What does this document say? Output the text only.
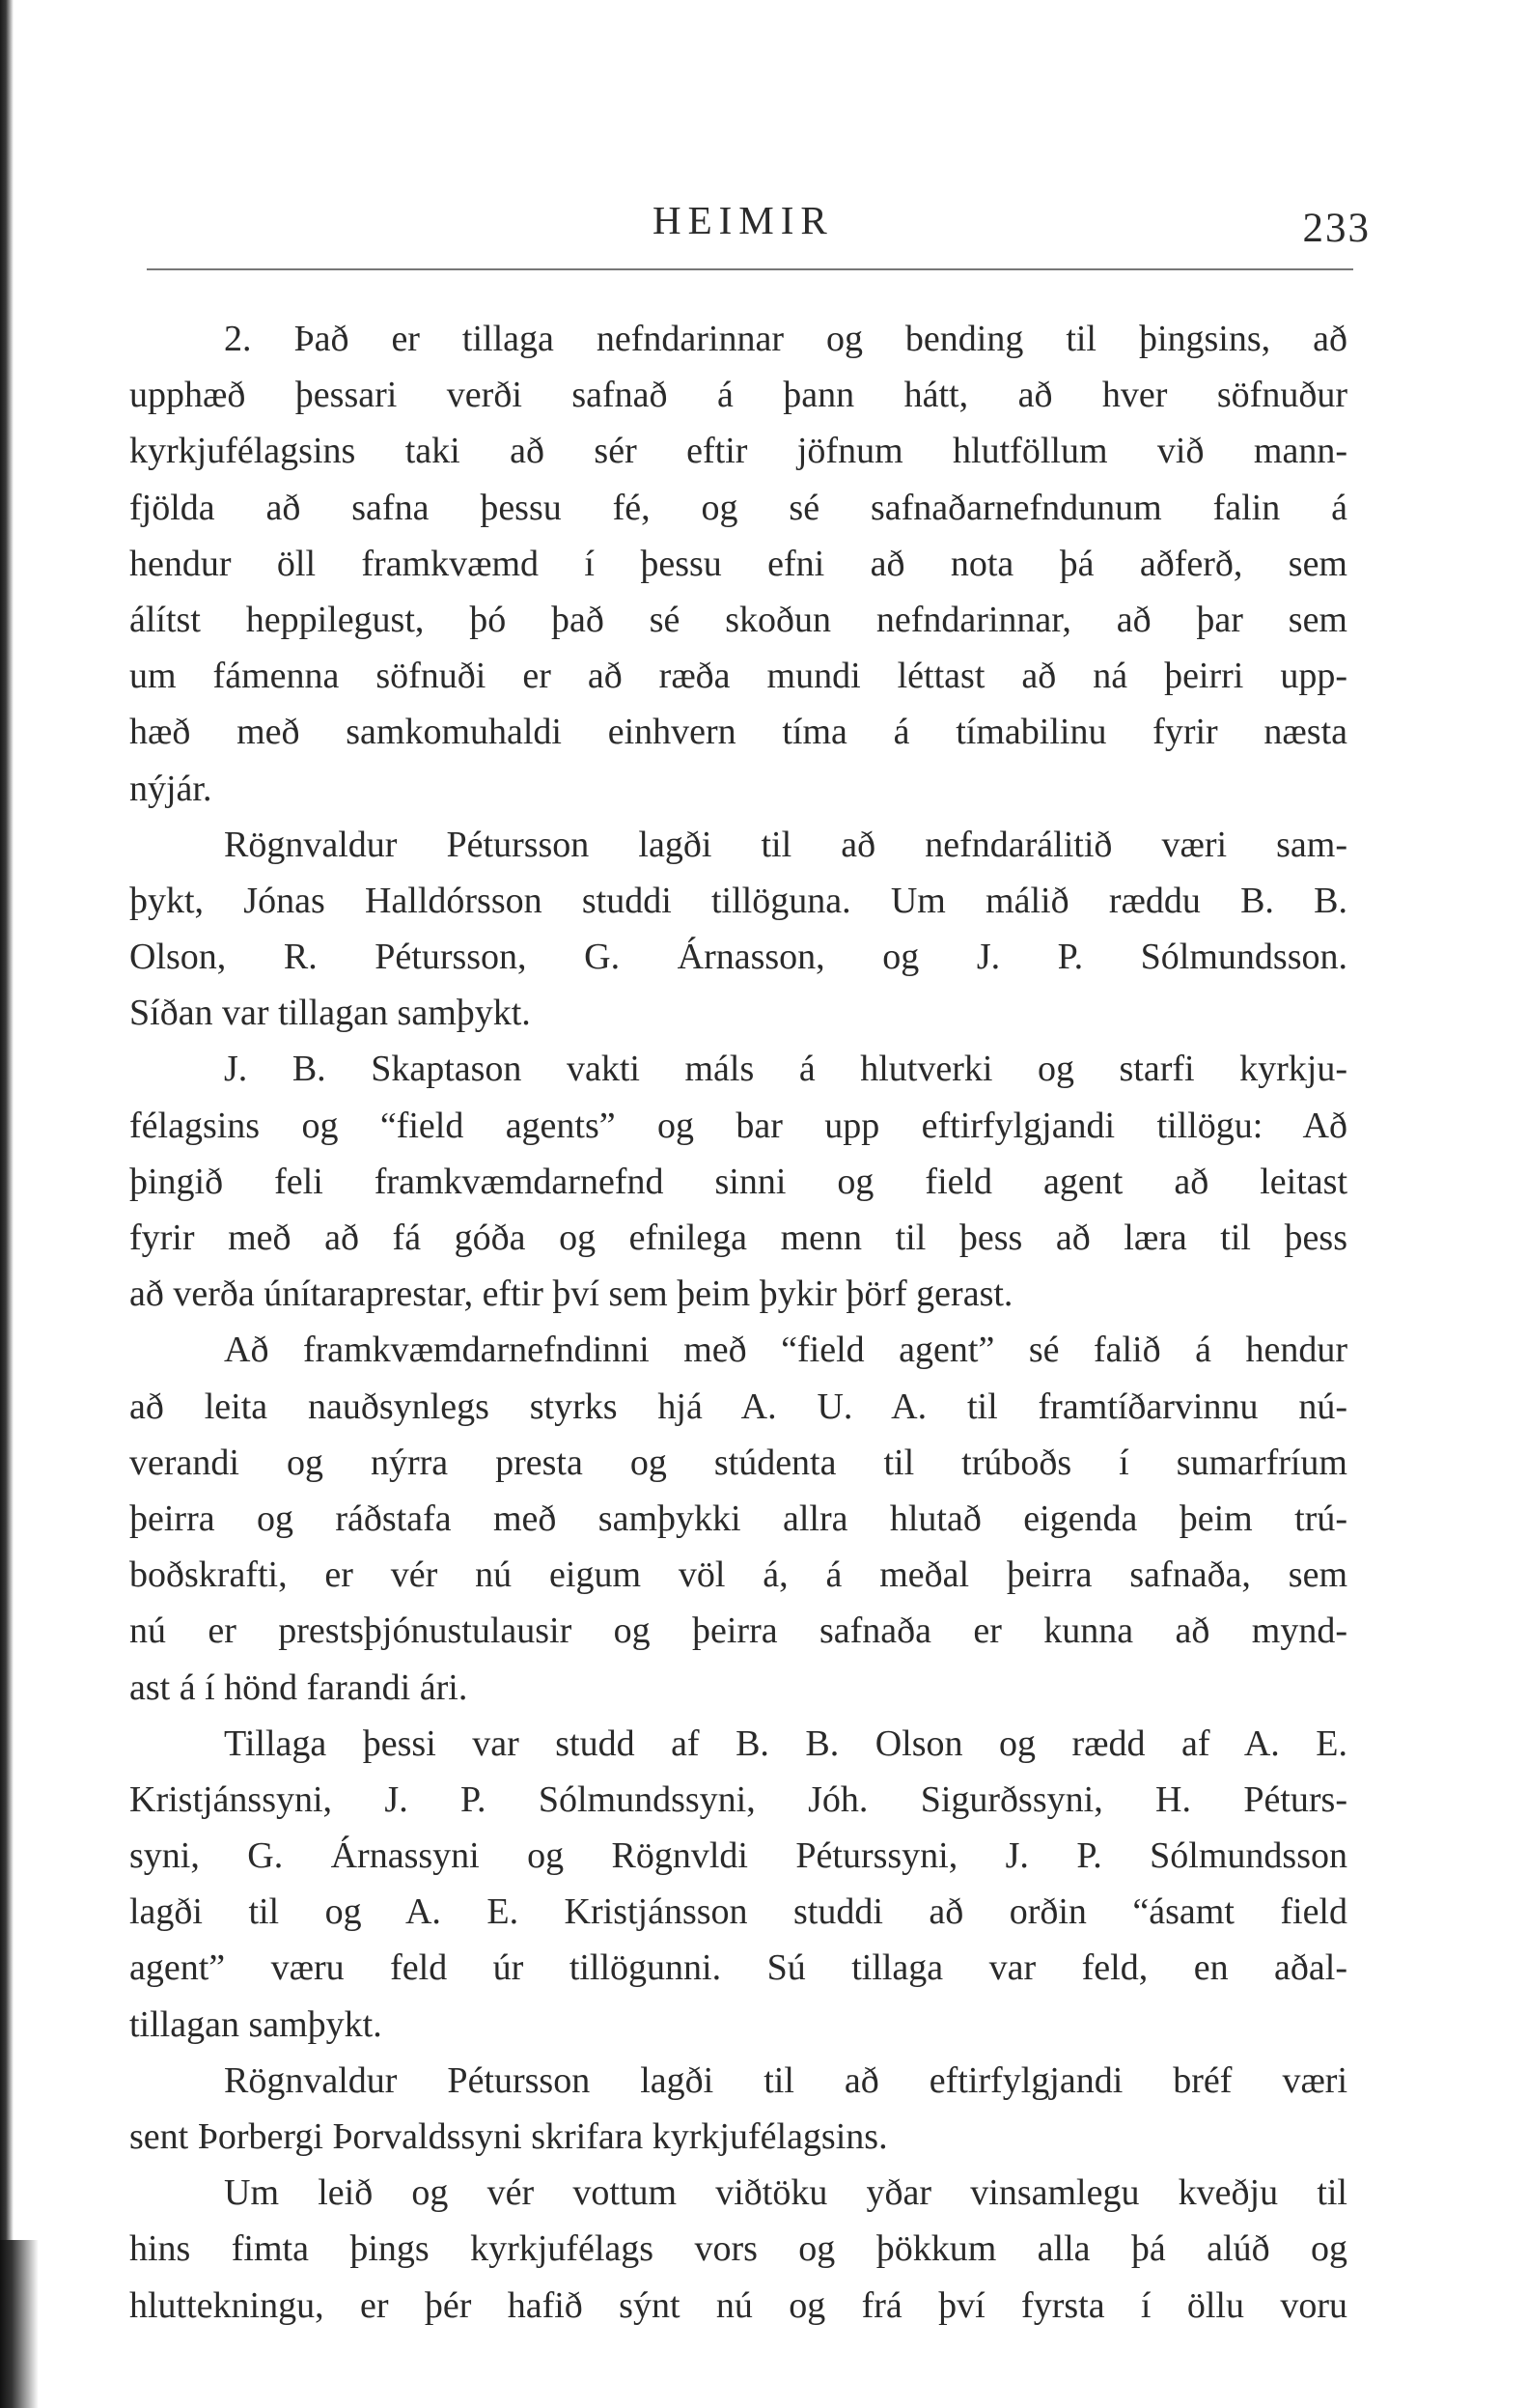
HEIMIR	233
2. Það er tillaga nefndarinnar og bending til þingsins, að
upphæð þessari verði safnað á þann hátt, að hver söfnuður
kyrkjufélagsins taki að sér eftir jöfnum hlutföllum við mann-
fjölda að safna þessu fé, og sé safnaðarnefndunum falin á
hendur öll framkvæmd í þessu efni að nota þá aðferð, sem
álítst heppilegust, þó það sé skoðun nefndarinnar, að þar sem
um fámenna söfnuði er að ræða mundi léttast að ná þeirri upp-
hæð með samkomuhaldi einhvern tíma á tímabilinu fyrir næsta
nýjár.
Rögnvaldur Pétursson lagði til að nefndarálitið væri sam-
þykt, Jónas Halldórsson studdi tillöguna. Um málið ræddu B. B.
Olson, R. Pétursson, G. Árnasson, og J. P. Sólmundsson.
Síðan var tillagan samþykt.
J. B. Skaptason vakti máls á hlutverki og starfi kyrkju-
félagsins og “field agents” og bar upp eftirfylgjandi tillögu: Að
þingið feli framkvæmdarnefnd sinni og field agent að leitast
fyrir með að fá góða og efnilega menn til þess að læra til þess
að verða únítaraprestar, eftir því sem þeim þykir þörf gerast.
Að framkvæmdarnefndinni með “field agent” sé falið á hendur
að leita nauðsynlegs styrks hjá A. U. A. til framtíðarvinnu nú-
verandi og nýrra presta og stúdenta til trúboðs í sumarfríum
þeirra og ráðstafa með samþykki allra hlutað eigenda þeim trú-
boðskrafti, er vér nú eigum völ á, á meðal þeirra safnaða, sem
nú er prestsþjónustulausir og þeirra safnaða er kunna að mynd-
ast á í hönd farandi ári.
Tillaga þessi var studd af B. B. Olson og rædd af A. E.
Kristjánssyni, J. P. Sólmundssyni, Jóh. Sigurðssyni, H. Péturs-
syni, G. Árnassyni og Rögnvldi Péturssyni, J. P. Sólmundsson
lagði til og A. E. Kristjánsson studdi að orðin “ásamt field
agent” væru feld úr tillögunni. Sú tillaga var feld, en aðal-
tillagan samþykt.
Rögnvaldur Pétursson lagði til að eftirfylgjandi bréf væri
sent Þorbergi Þorvaldssyni skrifara kyrkjufélagsins.
Um leið og vér vottum viðtöku yðar vinsamlegu kveðju til
hins fimta þings kyrkjufélags vors og þökkum alla þá alúð og
hluttekningu, er þér hafið sýnt nú og frá því fyrsta í öllu voru
